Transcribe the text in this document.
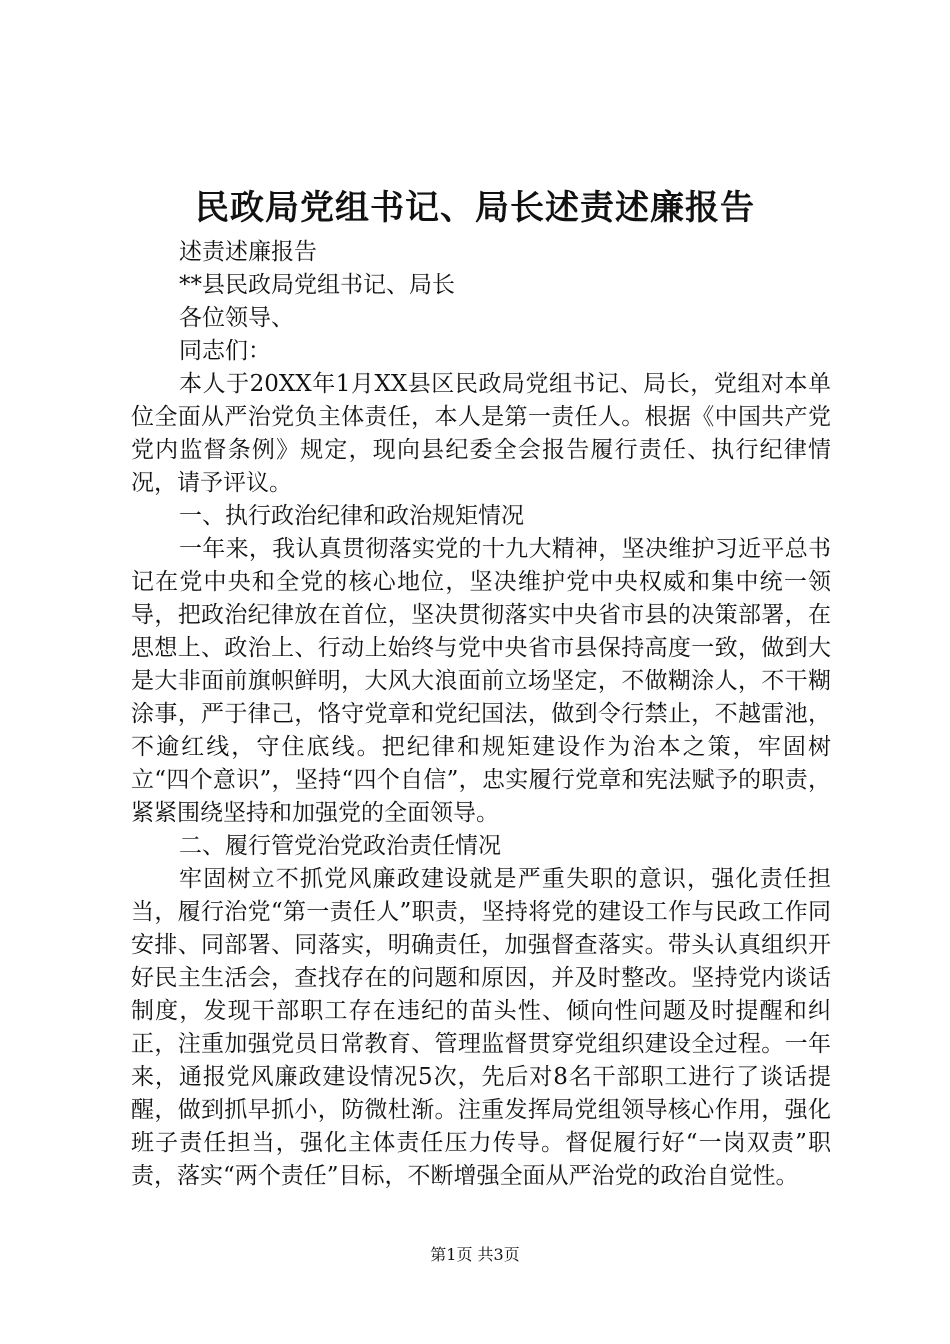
民政局党组书记、局长述责述廉报告
述责述廉报告
**县民政局党组书记、局长
各位领导、
同志们：

本人于20XX年1月XX县区民政局党组书记、局长，党组对本单位全面从严治党负主体责任，本人是第一责任人。根据《中国共产党党内监督条例》规定，现向县纪委全会报告履行责任、执行纪律情况，请予评议。

一、执行政治纪律和政治规矩情况

一年来，我认真贯彻落实党的十九大精神，坚决维护习近平总书记在党中央和全党的核心地位，坚决维护党中央权威和集中统一领导，把政治纪律放在首位，坚决贯彻落实中央省市县的决策部署，在思想上、政治上、行动上始终与党中央省市县保持高度一致，做到大是大非面前旗帜鲜明，大风大浪面前立场坚定，不做糊涂人，不干糊涂事，严于律己，恪守党章和党纪国法，做到令行禁止，不越雷池，不逾红线，守住底线。把纪律和规矩建设作为治本之策，牢固树立“四个意识”，坚持“四个自信”，忠实履行党章和宪法赋予的职责，紧紧围绕坚持和加强党的全面领导。

二、履行管党治党政治责任情况

牢固树立不抓党风廉政建设就是严重失职的意识，强化责任担当，履行治党“第一责任人”职责，坚持将党的建设工作与民政工作同安排、同部署、同落实，明确责任，加强督查落实。带头认真组织开好民主生活会，查找存在的问题和原因，并及时整改。坚持党内谈话制度，发现干部职工存在违纪的苗头性、倾向性问题及时提醒和纠正，注重加强党员日常教育、管理监督贯穿党组织建设全过程。一年来，通报党风廉政建设情况5次，先后对8名干部职工进行了谈话提醒，做到抓早抓小，防微杜渐。注重发挥局党组领导核心作用，强化班子责任担当，强化主体责任压力传导。督促履行好“一岗双责”职责，落实“两个责任”目标，不断增强全面从严治党的政治自觉性。

第1页 共3页
